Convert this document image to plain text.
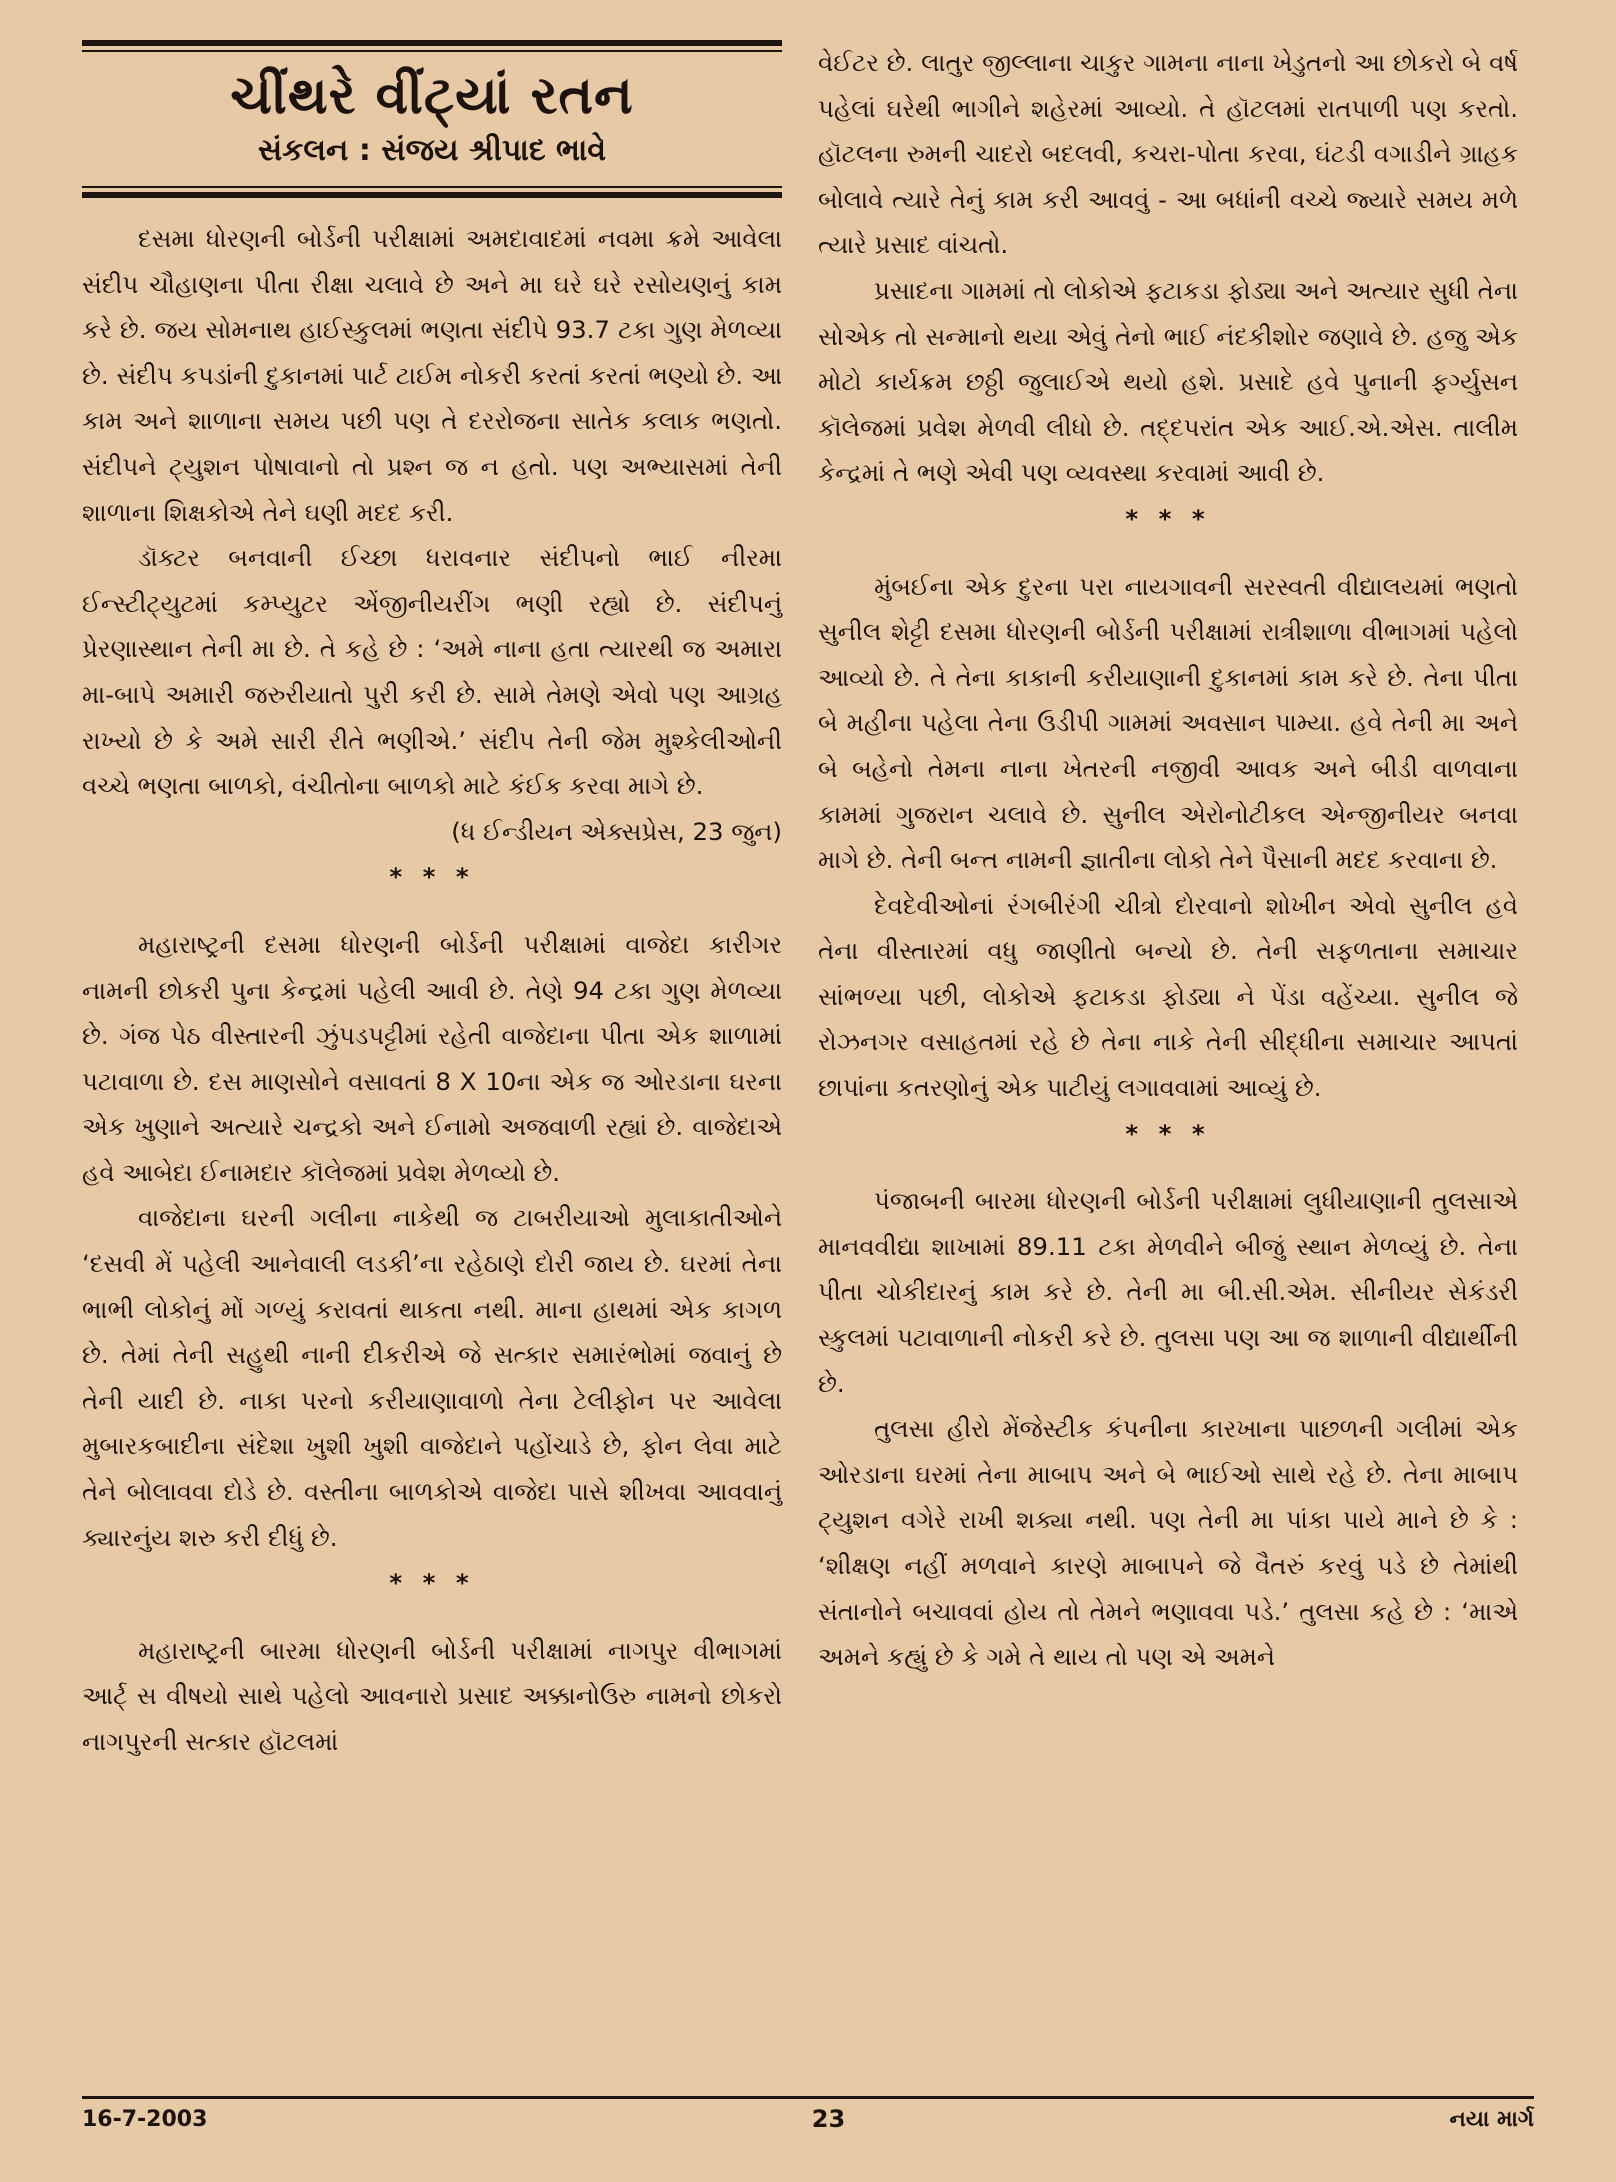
ચીંથરે વીંટ્યાં રતન
સંકલન : સંજય શ્રીપાદ ભાવે

દસમા ધોરણની બોર્ડની પરીક્ષામાં અમદાવાદમાં નવમા ક્રમે આવેલા સંદીપ ચૌહાણના પીતા રીક્ષા ચલાવે છે અને મા ઘરે ઘરે રસોયણનું કામ કરે છે. જય સોમનાથ હાઈસ્કુલમાં ભણતા સંદીપે 93.7 ટકા ગુણ મેળવ્યા છે. સંદીપ કપડાંની દુકાનમાં પાર્ટ ટાઈમ નોકરી કરતાં કરતાં ભણ્યો છે. આ કામ અને શાળાના સમય પછી પણ તે દરરોજના સાતેક કલાક ભણતો. સંદીપને ટ્યુશન પોષાવાનો તો પ્રશ્ન જ ન હતો. પણ અભ્યાસમાં તેની શાળાના શિક્ષકોએ તેને ઘણી મદદ કરી.

ડૉક્ટર બનવાની ઈચ્છા ધરાવનાર સંદીપનો ભાઈ નીરમા ઈન્સ્ટીટ્યુટમાં કમ્પ્યુટર એંજીનીયરીંગ ભણી રહ્યો છે. સંદીપનું પ્રેરણાસ્થાન તેની મા છે. તે કહે છે : ‘અમે નાના હતા ત્યારથી જ અમારા મા-બાપે અમારી જરુરીયાતો પુરી કરી છે. સામે તેમણે એવો પણ આગ્રહ રાખ્યો છે કે અમે સારી રીતે ભણીએ.’ સંદીપ તેની જેમ મુશ્કેલીઓની વચ્ચે ભણતા બાળકો, વંચીતોના બાળકો માટે કંઈક કરવા માગે છે.

(ધ ઈન્ડીયન એક્સપ્રેસ, 23 જુન)

* * *

મહારાષ્ટ્રની દસમા ધોરણની બોર્ડની પરીક્ષામાં વાજેદા કારીગર નામની છોકરી પુના કેન્દ્રમાં પહેલી આવી છે. તેણે 94 ટકા ગુણ મેળવ્યા છે. ગંજ પેઠ વીસ્તારની ઝુંપડપટ્ટીમાં રહેતી વાજેદાના પીતા એક શાળામાં પટાવાળા છે. દસ માણસોને વસાવતાં 8 X 10ના એક જ ઓરડાના ઘરના એક ખુણાને અત્યારે ચન્દ્રકો અને ઈનામો અજવાળી રહ્યાં છે. વાજેદાએ હવે આબેદા ઈનામદાર કૉલેજમાં પ્રવેશ મેળવ્યો છે.

વાજેદાના ઘરની ગલીના નાકેથી જ ટાબરીયાઓ મુલાકાતીઓને ‘દસવી મેં પહેલી આનેવાલી લડકી’ના રહેઠાણે દોરી જાય છે. ઘરમાં તેના ભાભી લોકોનું મોં ગળ્યું કરાવતાં થાકતા નથી. માના હાથમાં એક કાગળ છે. તેમાં તેની સહુથી નાની દીકરીએ જે સત્કાર સમારંભોમાં જવાનું છે તેની યાદી છે. નાકા પરનો કરીયાણાવાળો તેના ટેલીફોન પર આવેલા મુબારકબાદીના સંદેશા ખુશી ખુશી વાજેદાને પહોંચાડે છે, ફોન લેવા માટે તેને બોલાવવા દોડે છે. વસ્તીના બાળકોએ વાજેદા પાસે શીખવા આવવાનું ક્યારનુંય શરુ કરી દીધું છે.

* * *

મહારાષ્ટ્રની બારમા ધોરણની બોર્ડની પરીક્ષામાં નાગપુર વીભાગમાં આર્ટ્ સ વીષયો સાથે પહેલો આવનારો પ્રસાદ અક્કાનોઉરુ નામનો છોકરો નાગપુરની સત્કાર હૉટલમાં

વેઈટર છે. લાતુર જીલ્લાના ચાકુર ગામના નાના ખેડુતનો આ છોકરો બે વર્ષ પહેલાં ઘરેથી ભાગીને શહેરમાં આવ્યો. તે હૉટલમાં રાતપાળી પણ કરતો. હૉટલના રુમની ચાદરો બદલવી, કચરા-પોતા કરવા, ઘંટડી વગાડીને ગ્રાહક બોલાવે ત્યારે તેનું કામ કરી આવવું - આ બધાંની વચ્ચે જ્યારે સમય મળે ત્યારે પ્રસાદ વાંચતો.

પ્રસાદના ગામમાં તો લોકોએ ફટાકડા ફોડ્યા અને અત્યાર સુધી તેના સોએક તો સન્માનો થયા એવું તેનો ભાઈ નંદકીશોર જણાવે છે. હજુ એક મોટો કાર્યક્રમ છઠ્ઠી જુલાઈએ થયો હશે. પ્રસાદે હવે પુનાની ફર્ગ્યુસન કૉલેજમાં પ્રવેશ મેળવી લીધો છે. તદ્દપરાંત એક આઈ.એ.એસ. તાલીમ કેન્દ્રમાં તે ભણે એવી પણ વ્યવસ્થા કરવામાં આવી છે.

* * *

મુંબઈના એક દુરના પરા નાયગાવની સરસ્વતી વીદ્યાલયમાં ભણતો સુનીલ શેટ્ટી દસમા ધોરણની બોર્ડની પરીક્ષામાં રાત્રીશાળા વીભાગમાં પહેલો આવ્યો છે. તે તેના કાકાની કરીયાણાની દુકાનમાં કામ કરે છે. તેના પીતા બે મહીના પહેલા તેના ઉડીપી ગામમાં અવસાન પામ્યા. હવે તેની મા અને બે બહેનો તેમના નાના ખેતરની નજીવી આવક અને બીડી વાળવાના કામમાં ગુજરાન ચલાવે છે. સુનીલ એરોનોટીકલ એન્જીનીયર બનવા માગે છે. તેની બન્ત નામની જ્ઞાતીના લોકો તેને પૈસાની મદદ કરવાના છે.

દેવદેવીઓનાં રંગબીરંગી ચીત્રો દોરવાનો શોખીન એવો સુનીલ હવે તેના વીસ્તારમાં વધુ જાણીતો બન્યો છે. તેની સફળતાના સમાચાર સાંભળ્યા પછી, લોકોએ ફટાકડા ફોડ્યા ને પેંડા વહેંચ્યા. સુનીલ જે રોઝનગર વસાહતમાં રહે છે તેના નાકે તેની સીદ્ધીના સમાચાર આપતાં છાપાંના કતરણોનું એક પાટીયું લગાવવામાં આવ્યું છે.

* * *

પંજાબની બારમા ધોરણની બોર્ડની પરીક્ષામાં લુધીયાણાની તુલસાએ માનવવીદ્યા શાખામાં 89.11 ટકા મેળવીને બીજું સ્થાન મેળવ્યું છે. તેના પીતા ચોકીદારનું કામ કરે છે. તેની મા બી.સી.એમ. સીનીયર સેકંડરી સ્કુલમાં પટાવાળાની નોકરી કરે છે. તુલસા પણ આ જ શાળાની વીદ્યાર્થીની છે.

તુલસા હીરો મેંજેસ્ટીક કંપનીના કારખાના પાછળની ગલીમાં એક ઓરડાના ઘરમાં તેના માબાપ અને બે ભાઈઓ સાથે રહે છે. તેના માબાપ ટ્યુશન વગેરે રાખી શક્યા નથી. પણ તેની મા પાંકા પાયે માને છે કે : ‘શીક્ષણ નહીં મળવાને કારણે માબાપને જે વૈતરું કરવું પડે છે તેમાંથી સંતાનોને બચાવવાં હોય તો તેમને ભણાવવા પડે.’ તુલસા કહે છે : ‘માએ અમને કહ્યું છે કે ગમે તે થાય તો પણ એ અમને

16-7-2003	23	નયા માર્ગ
